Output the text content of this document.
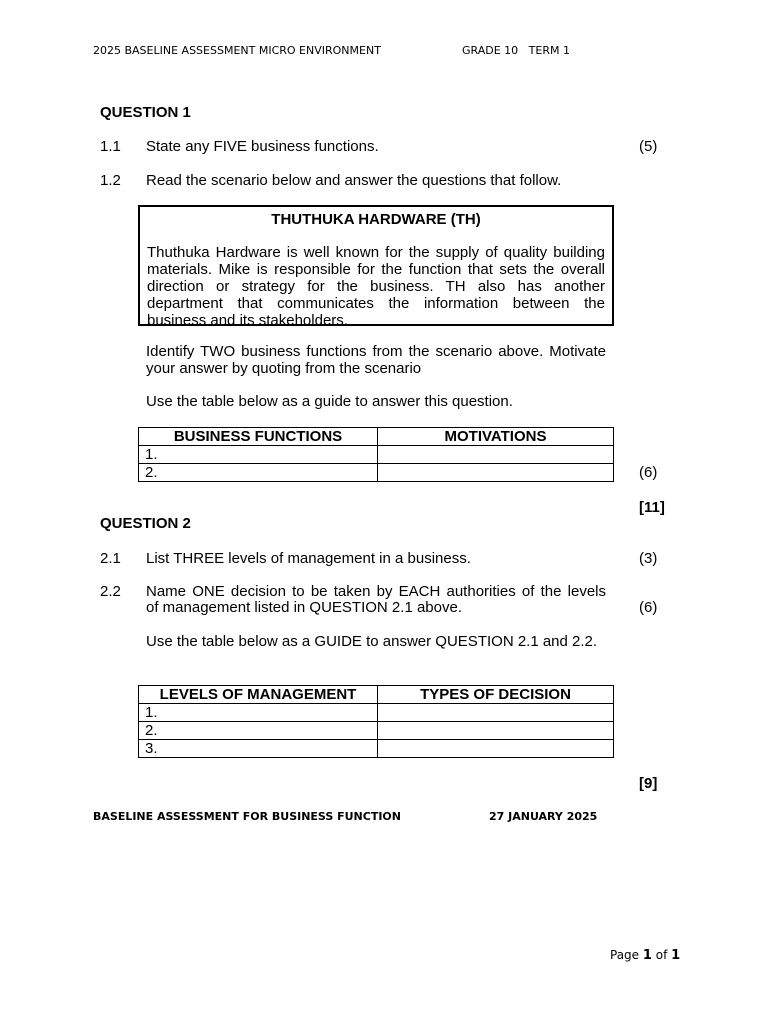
2025 BASELINE ASSESSMENT MICRO ENVIRONMENT	GRADE 10   TERM 1
QUESTION 1
1.1 State any FIVE business functions.	(5)
1.2 Read the scenario below and answer the questions that follow.
THUTHUKA HARDWARE (TH)
Thuthuka Hardware is well known for the supply of quality building materials. Mike is responsible for the function that sets the overall direction or strategy for the business. TH also has another department that communicates the information between the business and its stakeholders.
Identify TWO business functions from the scenario above. Motivate your answer by quoting from the scenario
Use the table below as a guide to answer this question.
BUSINESS FUNCTIONS	MOTIVATIONS
1.	
2.		(6)
[11]
QUESTION 2
2.1 List THREE levels of management in a business.	(3)
2.2 Name ONE decision to be taken by EACH authorities of the levels
of management listed in QUESTION 2.1 above.	(6)
Use the table below as a GUIDE to answer QUESTION 2.1 and 2.2.
LEVELS OF MANAGEMENT	TYPES OF DECISION
1.	
2.	
3.	
[9]
BASELINE ASSESSMENT FOR BUSINESS FUNCTION	27 JANUARY 2025
Page 1 of 1
